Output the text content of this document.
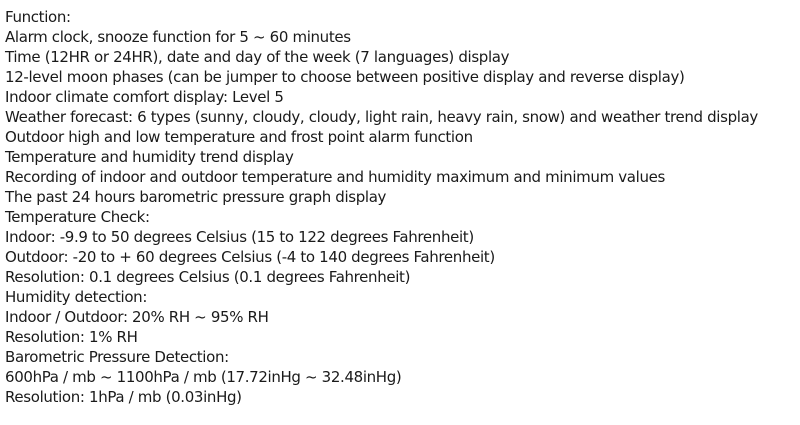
Function:
Alarm clock, snooze function for 5 ~ 60 minutes
Time (12HR or 24HR), date and day of the week (7 languages) display
12-level moon phases (can be jumper to choose between positive display and reverse display)
Indoor climate comfort display: Level 5
Weather forecast: 6 types (sunny, cloudy, cloudy, light rain, heavy rain, snow) and weather trend display
Outdoor high and low temperature and frost point alarm function
Temperature and humidity trend display
Recording of indoor and outdoor temperature and humidity maximum and minimum values
The past 24 hours barometric pressure graph display
Temperature Check:
Indoor: -9.9 to 50 degrees Celsius (15 to 122 degrees Fahrenheit)
Outdoor: -20 to + 60 degrees Celsius (-4 to 140 degrees Fahrenheit)
Resolution: 0.1 degrees Celsius (0.1 degrees Fahrenheit)
Humidity detection:
Indoor / Outdoor: 20% RH ~ 95% RH
Resolution: 1% RH
Barometric Pressure Detection:
600hPa / mb ~ 1100hPa / mb (17.72inHg ~ 32.48inHg)
Resolution: 1hPa / mb (0.03inHg)
